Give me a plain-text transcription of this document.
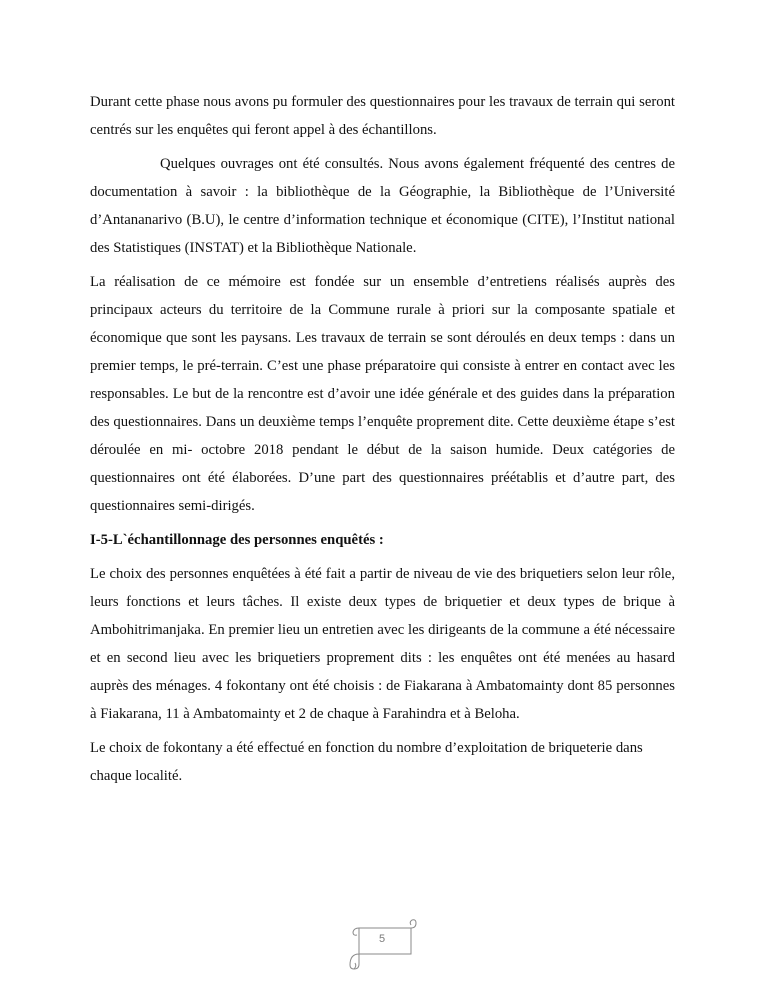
Durant cette phase nous avons pu formuler des questionnaires pour les travaux de terrain qui seront centrés sur les enquêtes qui feront appel à des échantillons.

Quelques ouvrages ont été consultés. Nous avons également fréquenté des centres de documentation à savoir : la bibliothèque de la Géographie, la Bibliothèque de l’Université d’Antananarivo (B.U), le centre d’information technique et économique (CITE), l’Institut national des Statistiques (INSTAT) et la Bibliothèque Nationale.

La réalisation de ce mémoire est fondée sur un ensemble d’entretiens réalisés auprès des principaux acteurs du territoire de la Commune rurale à priori sur la composante spatiale et économique que sont les paysans. Les travaux de terrain se sont déroulés en deux temps : dans un premier temps, le pré-terrain. C’est une phase préparatoire qui consiste à entrer en contact avec les responsables. Le but de la rencontre est d’avoir une idée générale et des guides dans la préparation des questionnaires. Dans un deuxième temps l’enquête proprement dite. Cette deuxième étape s’est déroulée en mi- octobre 2018 pendant le début de la saison humide. Deux catégories de questionnaires ont été élaborées. D’une part des questionnaires préétablis et d’autre part, des questionnaires semi-dirigés.

I-5-L`échantillonnage des personnes enquêtés :

Le choix des personnes enquêtées à été fait a partir de niveau de vie des briquetiers selon leur rôle, leurs fonctions et leurs tâches. Il existe deux types de briquetier et deux types de brique à Ambohitrimanjaka. En premier lieu un entretien avec les dirigeants de la commune a été nécessaire et en second lieu avec les briquetiers proprement dits : les enquêtes ont été menées au hasard auprès des ménages. 4 fokontany ont été choisis : de Fiakarana à Ambatomainty dont 85 personnes à Fiakarana, 11 à Ambatomainty et 2 de chaque à Farahindra et à Beloha.

Le choix de fokontany a été effectué en fonction du nombre d’exploitation de briqueterie dans chaque localité.

5
